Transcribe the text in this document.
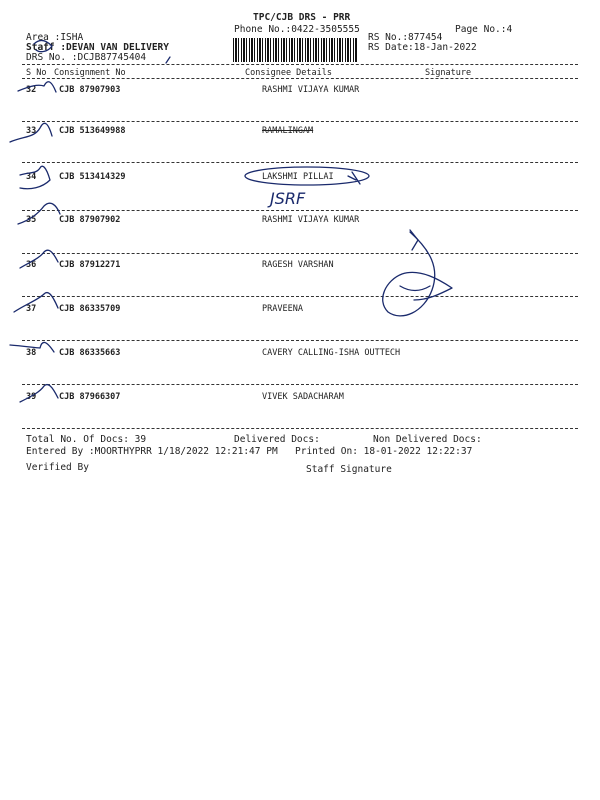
TPC/CJB DRS - PRR
Phone No.:0422-3505555	Page No.:4
Area :ISHA
Staff :DEVAN VAN DELIVERY
DRS No. :DCJB87745404
RS No.:877454
RS Date:18-Jan-2022
S No Consignment No	Consignee Details	Signature
32	CJB 87907903	RASHMI VIJAYA KUMAR
33	CJB 513649988	RAMALINGAM
34	CJB 513414329	LAKSHMI PILLAI
35	CJB 87907902	RASHMI VIJAYA KUMAR
36	CJB 87912271	RAGESH VARSHAN
37	CJB 86335709	PRAVEENA
38	CJB 86335663	CAVERY CALLING-ISHA OUTTECH
39	CJB 87966307	VIVEK SADACHARAM
Total No. Of Docs: 39	Delivered Docs:	Non Delivered Docs:
Entered By :MOORTHYPRR 1/18/2022 12:21:47 PM Printed On: 18-01-2022 12:22:37
Verified By	Staff Signature
JSRF
